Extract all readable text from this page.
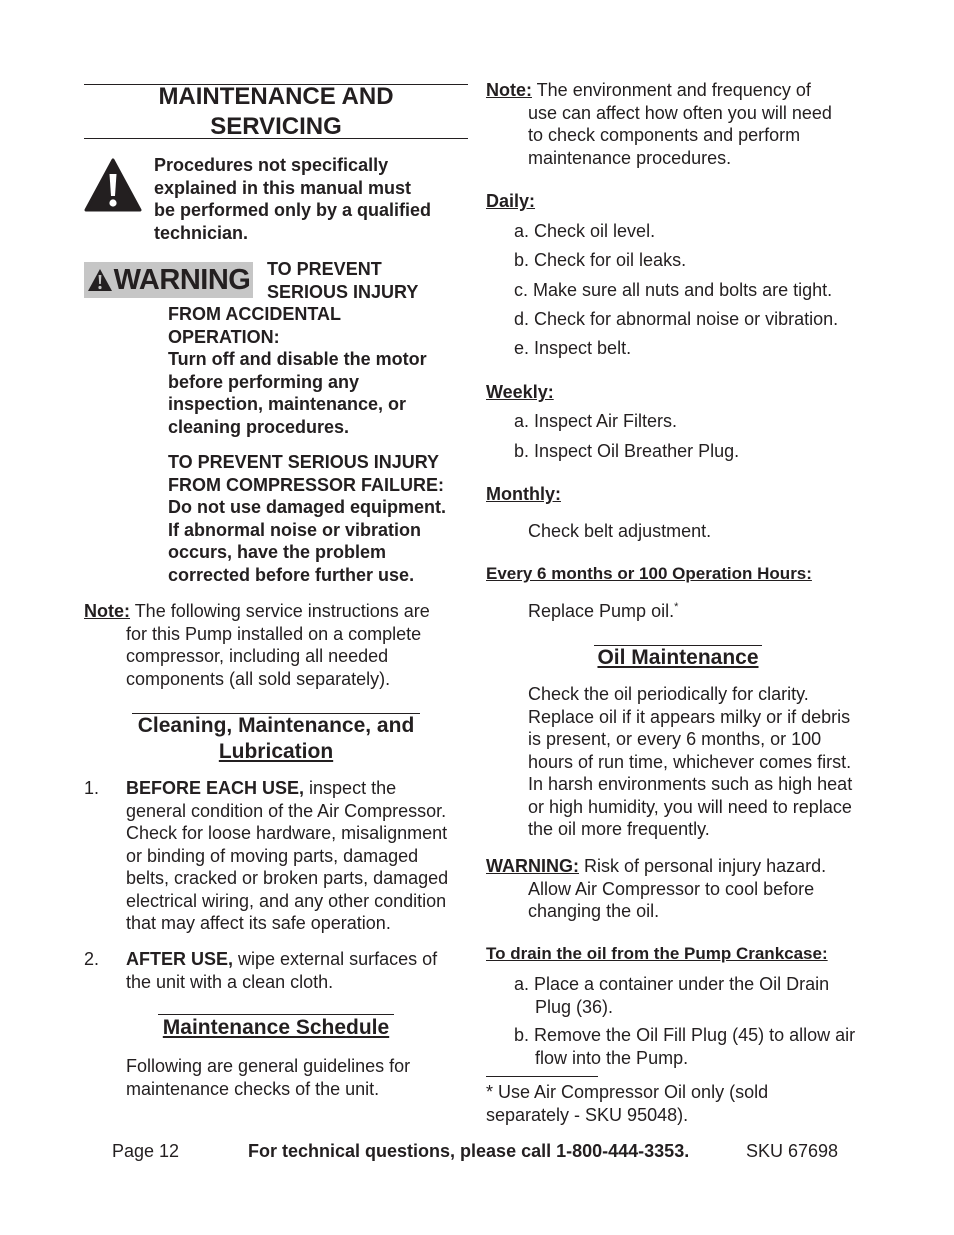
MAINTENANCE AND
SERVICING
Procedures not specifically
explained in this manual must
be performed only by a qualified
technician.
WARNING TO PREVENT
SERIOUS INJURY
FROM ACCIDENTAL
OPERATION:
Turn off and disable the motor
before performing any
inspection, maintenance, or
cleaning procedures.
TO PREVENT SERIOUS INJURY
FROM COMPRESSOR FAILURE:
Do not use damaged equipment.
If abnormal noise or vibration
occurs, have the problem
corrected before further use.
Note: The following service instructions are
for this Pump installed on a complete
compressor, including all needed
components (all sold separately).
Cleaning, Maintenance, and
Lubrication
1.	BEFORE EACH USE, inspect the
general condition of the Air Compressor.
Check for loose hardware, misalignment
or binding of moving parts, damaged
belts, cracked or broken parts, damaged
electrical wiring, and any other condition
that may affect its safe operation.
2.	AFTER USE, wipe external surfaces of
the unit with a clean cloth.
Maintenance Schedule
Following are general guidelines for
maintenance checks of the unit.
Note: The environment and frequency of
use can affect how often you will need
to check components and perform
maintenance procedures.
Daily:
a. Check oil level.
b. Check for oil leaks.
c. Make sure all nuts and bolts are tight.
d. Check for abnormal noise or vibration.
e. Inspect belt.
Weekly:
a. Inspect Air Filters.
b. Inspect Oil Breather Plug.
Monthly:
Check belt adjustment.
Every 6 months or 100 Operation Hours:
Replace Pump oil.*
Oil Maintenance
Check the oil periodically for clarity.
Replace oil if it appears milky or if debris
is present, or every 6 months, or 100
hours of run time, whichever comes first.
In harsh environments such as high heat
or high humidity, you will need to replace
the oil more frequently.
WARNING: Risk of personal injury hazard.
Allow Air Compressor to cool before
changing the oil.
To drain the oil from the Pump Crankcase:
a. Place a container under the Oil Drain
Plug (36).
b. Remove the Oil Fill Plug (45) to allow air
flow into the Pump.
* Use Air Compressor Oil only (sold
separately - SKU 95048).
Page 12	For technical questions, please call 1-800-444-3353.	SKU 67698
